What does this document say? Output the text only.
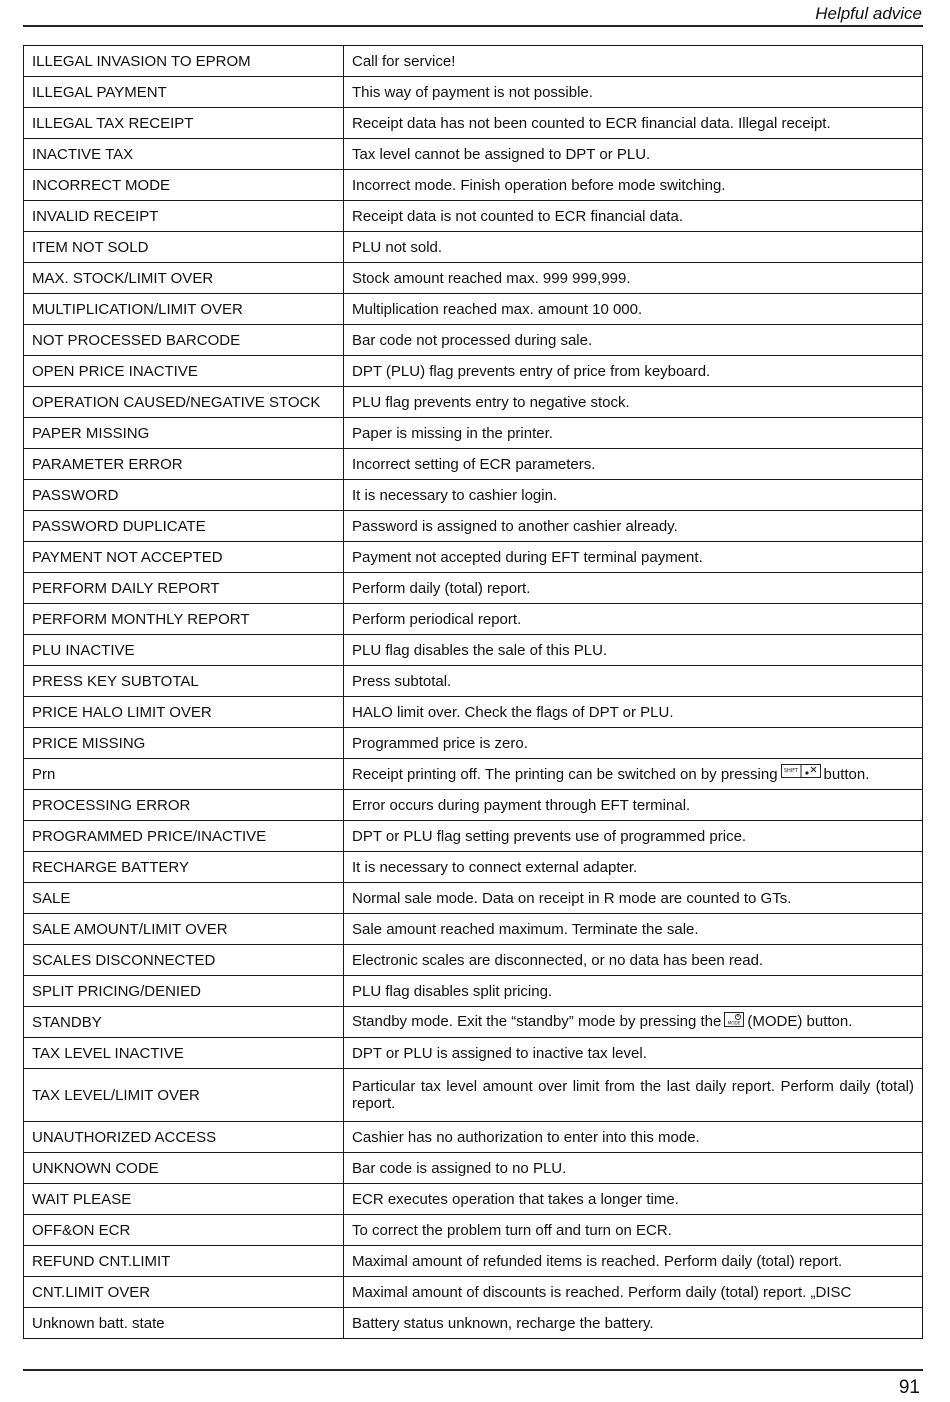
Helpful advice
ILLEGAL INVASION TO EPROM	Call for service!
ILLEGAL PAYMENT	This way of payment is not possible.
ILLEGAL TAX RECEIPT	Receipt data has not been counted to ECR financial data. Illegal receipt.
INACTIVE TAX	Tax level cannot be assigned to DPT or PLU.
INCORRECT MODE	Incorrect mode. Finish operation before mode switching.
INVALID RECEIPT	Receipt data is not counted to ECR financial data.
ITEM NOT SOLD	PLU not sold.
MAX. STOCK/LIMIT OVER	Stock amount reached max. 999 999,999.
MULTIPLICATION/LIMIT OVER	Multiplication reached max. amount 10 000.
NOT PROCESSED BARCODE	Bar code not processed during sale.
OPEN PRICE INACTIVE	DPT (PLU) flag prevents entry of price from keyboard.
OPERATION CAUSED/NEGATIVE STOCK	PLU flag prevents entry to negative stock.
PAPER MISSING	Paper is missing in the printer.
PARAMETER ERROR	Incorrect setting of ECR parameters.
PASSWORD	It is necessary to cashier login.
PASSWORD DUPLICATE	Password is assigned to another cashier already.
PAYMENT NOT ACCEPTED	Payment not accepted during EFT terminal payment.
PERFORM DAILY REPORT	Perform daily (total) report.
PERFORM MONTHLY REPORT	Perform periodical report.
PLU INACTIVE	PLU flag disables the sale of this PLU.
PRESS KEY SUBTOTAL	Press subtotal.
PRICE HALO LIMIT OVER	HALO limit over. Check the flags of DPT or PLU.
PRICE MISSING	Programmed price is zero.
Prn	Receipt printing off. The printing can be switched on by pressing SHIFT button.
PROCESSING ERROR	Error occurs during payment through EFT terminal.
PROGRAMMED PRICE/INACTIVE	DPT or PLU flag setting prevents use of programmed price.
RECHARGE BATTERY	It is necessary to connect external adapter.
SALE	Normal sale mode. Data on receipt in R mode are counted to GTs.
SALE AMOUNT/LIMIT OVER	Sale amount reached maximum. Terminate the sale.
SCALES DISCONNECTED	Electronic scales are disconnected, or no data has been read.
SPLIT PRICING/DENIED	PLU flag disables split pricing.
STANDBY	Standby mode. Exit the “standby” mode by pressing the MODE (MODE) button.
TAX LEVEL INACTIVE	DPT or PLU is assigned to inactive tax level.
TAX LEVEL/LIMIT OVER	Particular tax level amount over limit from the last daily report. Perform daily (total) report.
UNAUTHORIZED ACCESS	Cashier has no authorization to enter into this mode.
UNKNOWN CODE	Bar code is assigned to no PLU.
WAIT PLEASE	ECR executes operation that takes a longer time.
OFF&ON ECR	To correct the problem turn off and turn on ECR.
REFUND CNT.LIMIT	Maximal amount of refunded items is reached. Perform daily (total) report.
CNT.LIMIT OVER	Maximal amount of discounts is reached. Perform daily (total) report. „DISC
Unknown batt. state	Battery status unknown, recharge the battery.
91
